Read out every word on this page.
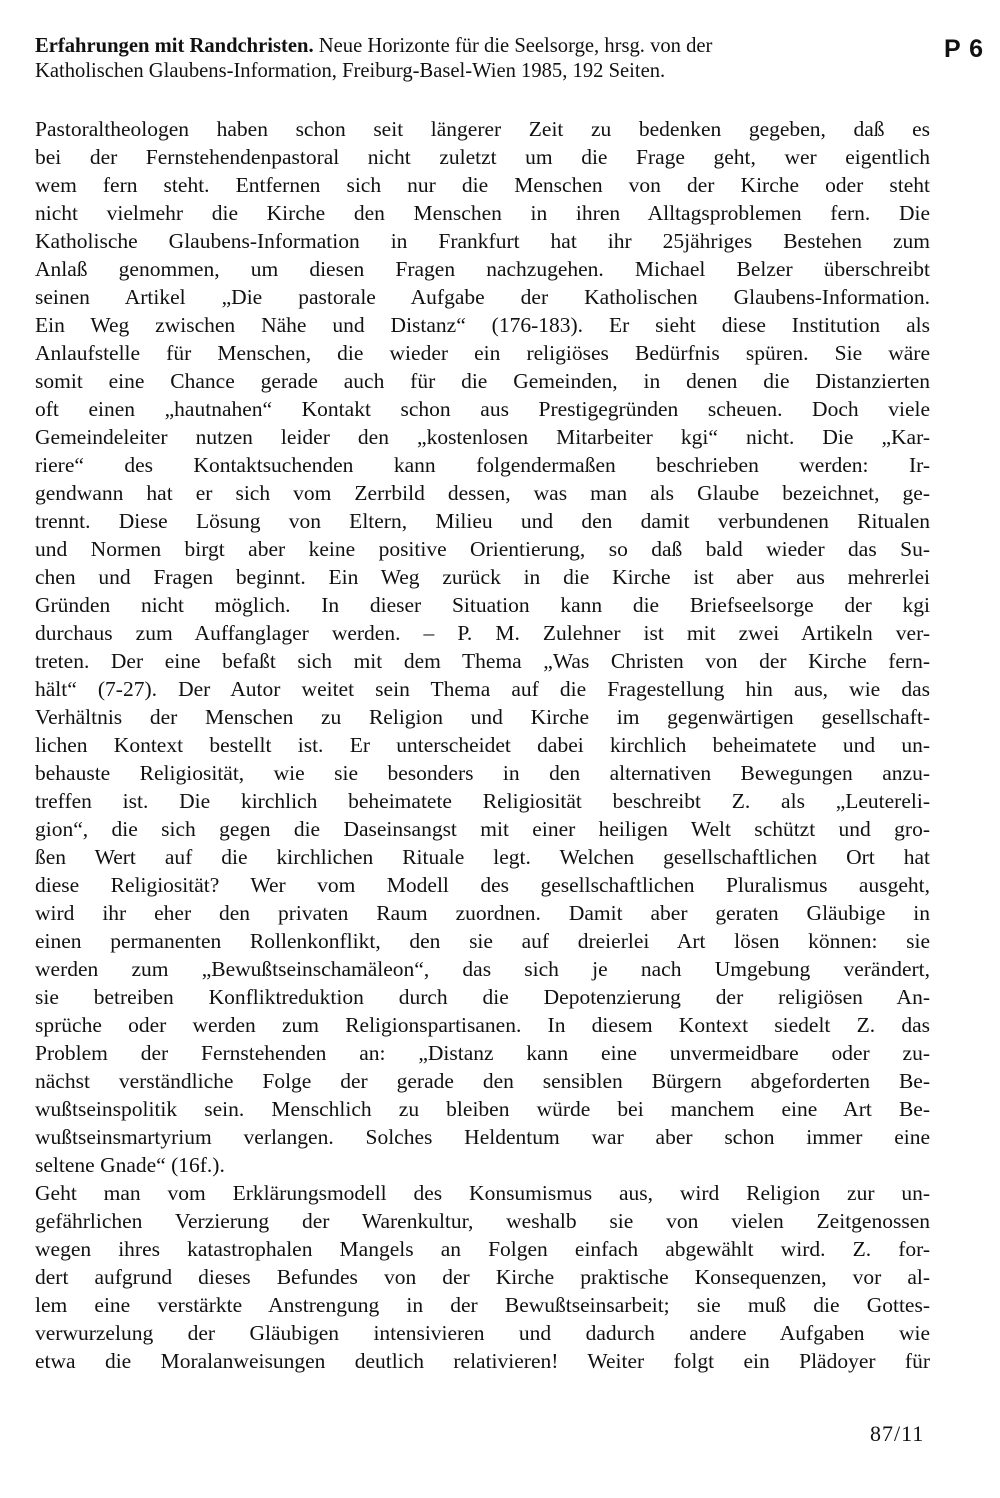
P 6

Erfahrungen mit Randchristen. Neue Horizonte für die Seelsorge, hrsg. von der
Katholischen Glaubens-Information, Freiburg-Basel-Wien 1985, 192 Seiten.

Pastoraltheologen haben schon seit längerer Zeit zu bedenken gegeben, daß es
bei der Fernstehendenpastoral nicht zuletzt um die Frage geht, wer eigentlich
wem fern steht. Entfernen sich nur die Menschen von der Kirche oder steht
nicht vielmehr die Kirche den Menschen in ihren Alltagsproblemen fern. Die
Katholische Glaubens-Information in Frankfurt hat ihr 25jähriges Bestehen zum
Anlaß genommen, um diesen Fragen nachzugehen. Michael Belzer überschreibt
seinen Artikel „Die pastorale Aufgabe der Katholischen Glaubens-Information.
Ein Weg zwischen Nähe und Distanz“ (176-183). Er sieht diese Institution als
Anlaufstelle für Menschen, die wieder ein religiöses Bedürfnis spüren. Sie wäre
somit eine Chance gerade auch für die Gemeinden, in denen die Distanzierten
oft einen „hautnahen“ Kontakt schon aus Prestigegründen scheuen. Doch viele
Gemeindeleiter nutzen leider den „kostenlosen Mitarbeiter kgi“ nicht. Die „Kar-
riere“ des Kontaktsuchenden kann folgendermaßen beschrieben werden: Ir-
gendwann hat er sich vom Zerrbild dessen, was man als Glaube bezeichnet, ge-
trennt. Diese Lösung von Eltern, Milieu und den damit verbundenen Ritualen
und Normen birgt aber keine positive Orientierung, so daß bald wieder das Su-
chen und Fragen beginnt. Ein Weg zurück in die Kirche ist aber aus mehrerlei
Gründen nicht möglich. In dieser Situation kann die Briefseelsorge der kgi
durchaus zum Auffanglager werden. – P. M. Zulehner ist mit zwei Artikeln ver-
treten. Der eine befaßt sich mit dem Thema „Was Christen von der Kirche fern-
hält“ (7-27). Der Autor weitet sein Thema auf die Fragestellung hin aus, wie das
Verhältnis der Menschen zu Religion und Kirche im gegenwärtigen gesellschaft-
lichen Kontext bestellt ist. Er unterscheidet dabei kirchlich beheimatete und un-
behauste Religiosität, wie sie besonders in den alternativen Bewegungen anzu-
treffen ist. Die kirchlich beheimatete Religiosität beschreibt Z. als „Leutereli-
gion“, die sich gegen die Daseinsangst mit einer heiligen Welt schützt und gro-
ßen Wert auf die kirchlichen Rituale legt. Welchen gesellschaftlichen Ort hat
diese Religiosität? Wer vom Modell des gesellschaftlichen Pluralismus ausgeht,
wird ihr eher den privaten Raum zuordnen. Damit aber geraten Gläubige in
einen permanenten Rollenkonflikt, den sie auf dreierlei Art lösen können: sie
werden zum „Bewußtseinschamäleon“, das sich je nach Umgebung verändert,
sie betreiben Konfliktreduktion durch die Depotenzierung der religiösen An-
sprüche oder werden zum Religionspartisanen. In diesem Kontext siedelt Z. das
Problem der Fernstehenden an: „Distanz kann eine unvermeidbare oder zu-
nächst verständliche Folge der gerade den sensiblen Bürgern abgeforderten Be-
wußtseinspolitik sein. Menschlich zu bleiben würde bei manchem eine Art Be-
wußtseinsmartyrium verlangen. Solches Heldentum war aber schon immer eine
seltene Gnade“ (16f.).
Geht man vom Erklärungsmodell des Konsumismus aus, wird Religion zur un-
gefährlichen Verzierung der Warenkultur, weshalb sie von vielen Zeitgenossen
wegen ihres katastrophalen Mangels an Folgen einfach abgewählt wird. Z. for-
dert aufgrund dieses Befundes von der Kirche praktische Konsequenzen, vor al-
lem eine verstärkte Anstrengung in der Bewußtseinsarbeit; sie muß die Gottes-
verwurzelung der Gläubigen intensivieren und dadurch andere Aufgaben wie
etwa die Moralanweisungen deutlich relativieren! Weiter folgt ein Plädoyer für
87/11
